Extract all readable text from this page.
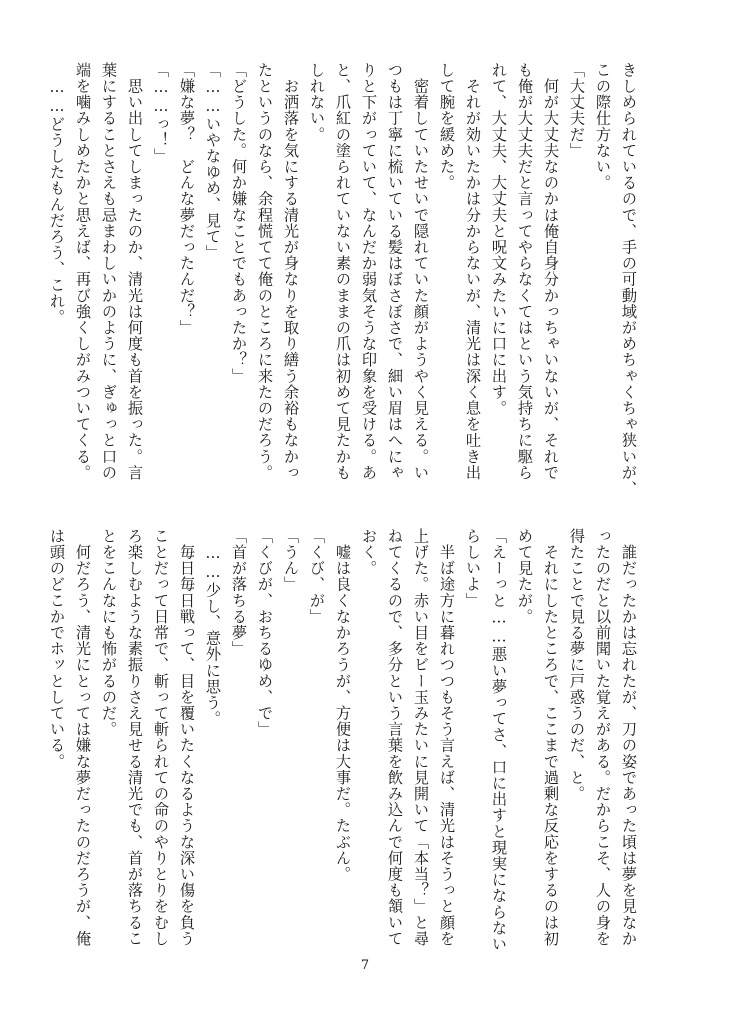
きしめられているので、手の可動域がめちゃくちゃ狭いが、

この際仕方ない。

「大丈夫だ」

　何が大丈夫なのかは俺自身分かっちゃいないが、それで

も俺が大丈夫だと言ってやらなくてはという気持ちに駆ら

れて、大丈夫、大丈夫と呪文みたいに口に出す。

　それが効いたかは分からないが、清光は深く息を吐き出

して腕を緩めた。

　密着していたせいで隠れていた顔がようやく見える。い

つもは丁寧に梳いている髪はぼさぼさで、細い眉はへにゃ

りと下がっていて、なんだか弱気そうな印象を受ける。あ

と、爪紅の塗られていない素のままの爪は初めて見たかも

しれない。

　お洒落を気にする清光が身なりを取り繕う余裕もなかっ

たというのなら、余程慌てて俺のところに来たのだろう。

「どうした。何か嫌なことでもあったか？」

「……いやなゆめ、見て」

「嫌な夢？　どんな夢だったんだ？」

「……っ！」

　思い出してしまったのか、清光は何度も首を振った。言

葉にすることさえも忌まわしいかのように、ぎゅっと口の

端を噛みしめたかと思えば、再び強くしがみついてくる。

　……どうしたもんだろう、これ。

　誰だったかは忘れたが、刀の姿であった頃は夢を見なか

ったのだと以前聞いた覚えがある。だからこそ、人の身を

得たことで見る夢に戸惑うのだ、と。

　それにしたところで、ここまで過剰な反応をするのは初

めて見たが。

「えーっと……悪い夢ってさ、口に出すと現実にならない

らしいよ」

　半ば途方に暮れつつもそう言えば、清光はそうっと顔を

上げた。赤い目をビー玉みたいに見開いて「本当？」と尋

ねてくるので、多分という言葉を飲み込んで何度も頷いて

おく。

　嘘は良くなかろうが、方便は大事だ。たぶん。

「くび、が」

「うん」

「くびが、おちるゆめ、で」

「首が落ちる夢」

　……少し、意外に思う。

　毎日毎日戦って、目を覆いたくなるような深い傷を負う

ことだって日常で、斬って斬られての命のやりとりをむし

ろ楽しむような素振りさえ見せる清光でも、首が落ちるこ

とをこんなにも怖がるのだ。

　何だろう、清光にとっては嫌な夢だったのだろうが、俺

は頭のどこかでホッとしている。

7
